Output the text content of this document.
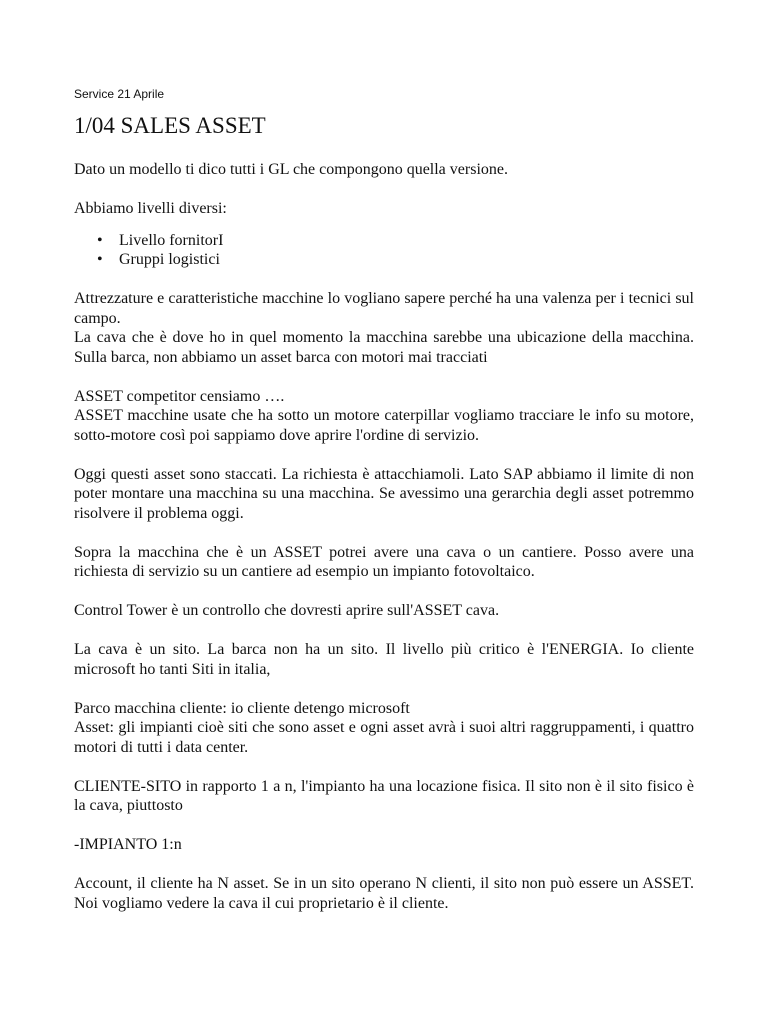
Service 21 Aprile
1/04 SALES ASSET

Dato un modello ti dico tutti i GL che compongono quella versione.

Abbiamo livelli diversi:

• Livello fornitorI
• Gruppi logistici

Attrezzature e caratteristiche macchine lo vogliano sapere perché ha una valenza per i tecnici sul campo.
La cava che è dove ho in quel momento la macchina sarebbe una ubicazione della macchina. Sulla barca, non abbiamo un asset barca con motori mai tracciati

ASSET competitor censiamo ….
ASSET macchine usate che ha sotto un motore caterpillar vogliamo tracciare le info su motore, sotto-motore così poi sappiamo dove aprire l'ordine di servizio.

Oggi questi asset sono staccati. La richiesta è attacchiamoli. Lato SAP abbiamo il limite di non poter montare una macchina su una macchina. Se avessimo una gerarchia degli asset potremmo risolvere il problema oggi.

Sopra la macchina che è un ASSET potrei avere una cava o un cantiere. Posso avere una richiesta di servizio su un cantiere ad esempio un impianto fotovoltaico.

Control Tower è un controllo che dovresti aprire sull'ASSET cava.

La cava è un sito. La barca non ha un sito. Il livello più critico è l'ENERGIA. Io cliente microsoft ho tanti Siti in italia,

Parco macchina cliente: io cliente detengo microsoft
Asset: gli impianti cioè siti che sono asset e ogni asset avrà i suoi altri raggruppamenti, i quattro motori di tutti i data center.

CLIENTE-SITO in rapporto 1 a n, l'impianto ha una locazione fisica. Il sito non è il sito fisico è la cava, piuttosto

-IMPIANTO 1:n

Account, il cliente ha N asset. Se in un sito operano N clienti, il sito non può essere un ASSET. Noi vogliamo vedere la cava il cui proprietario è il cliente.
